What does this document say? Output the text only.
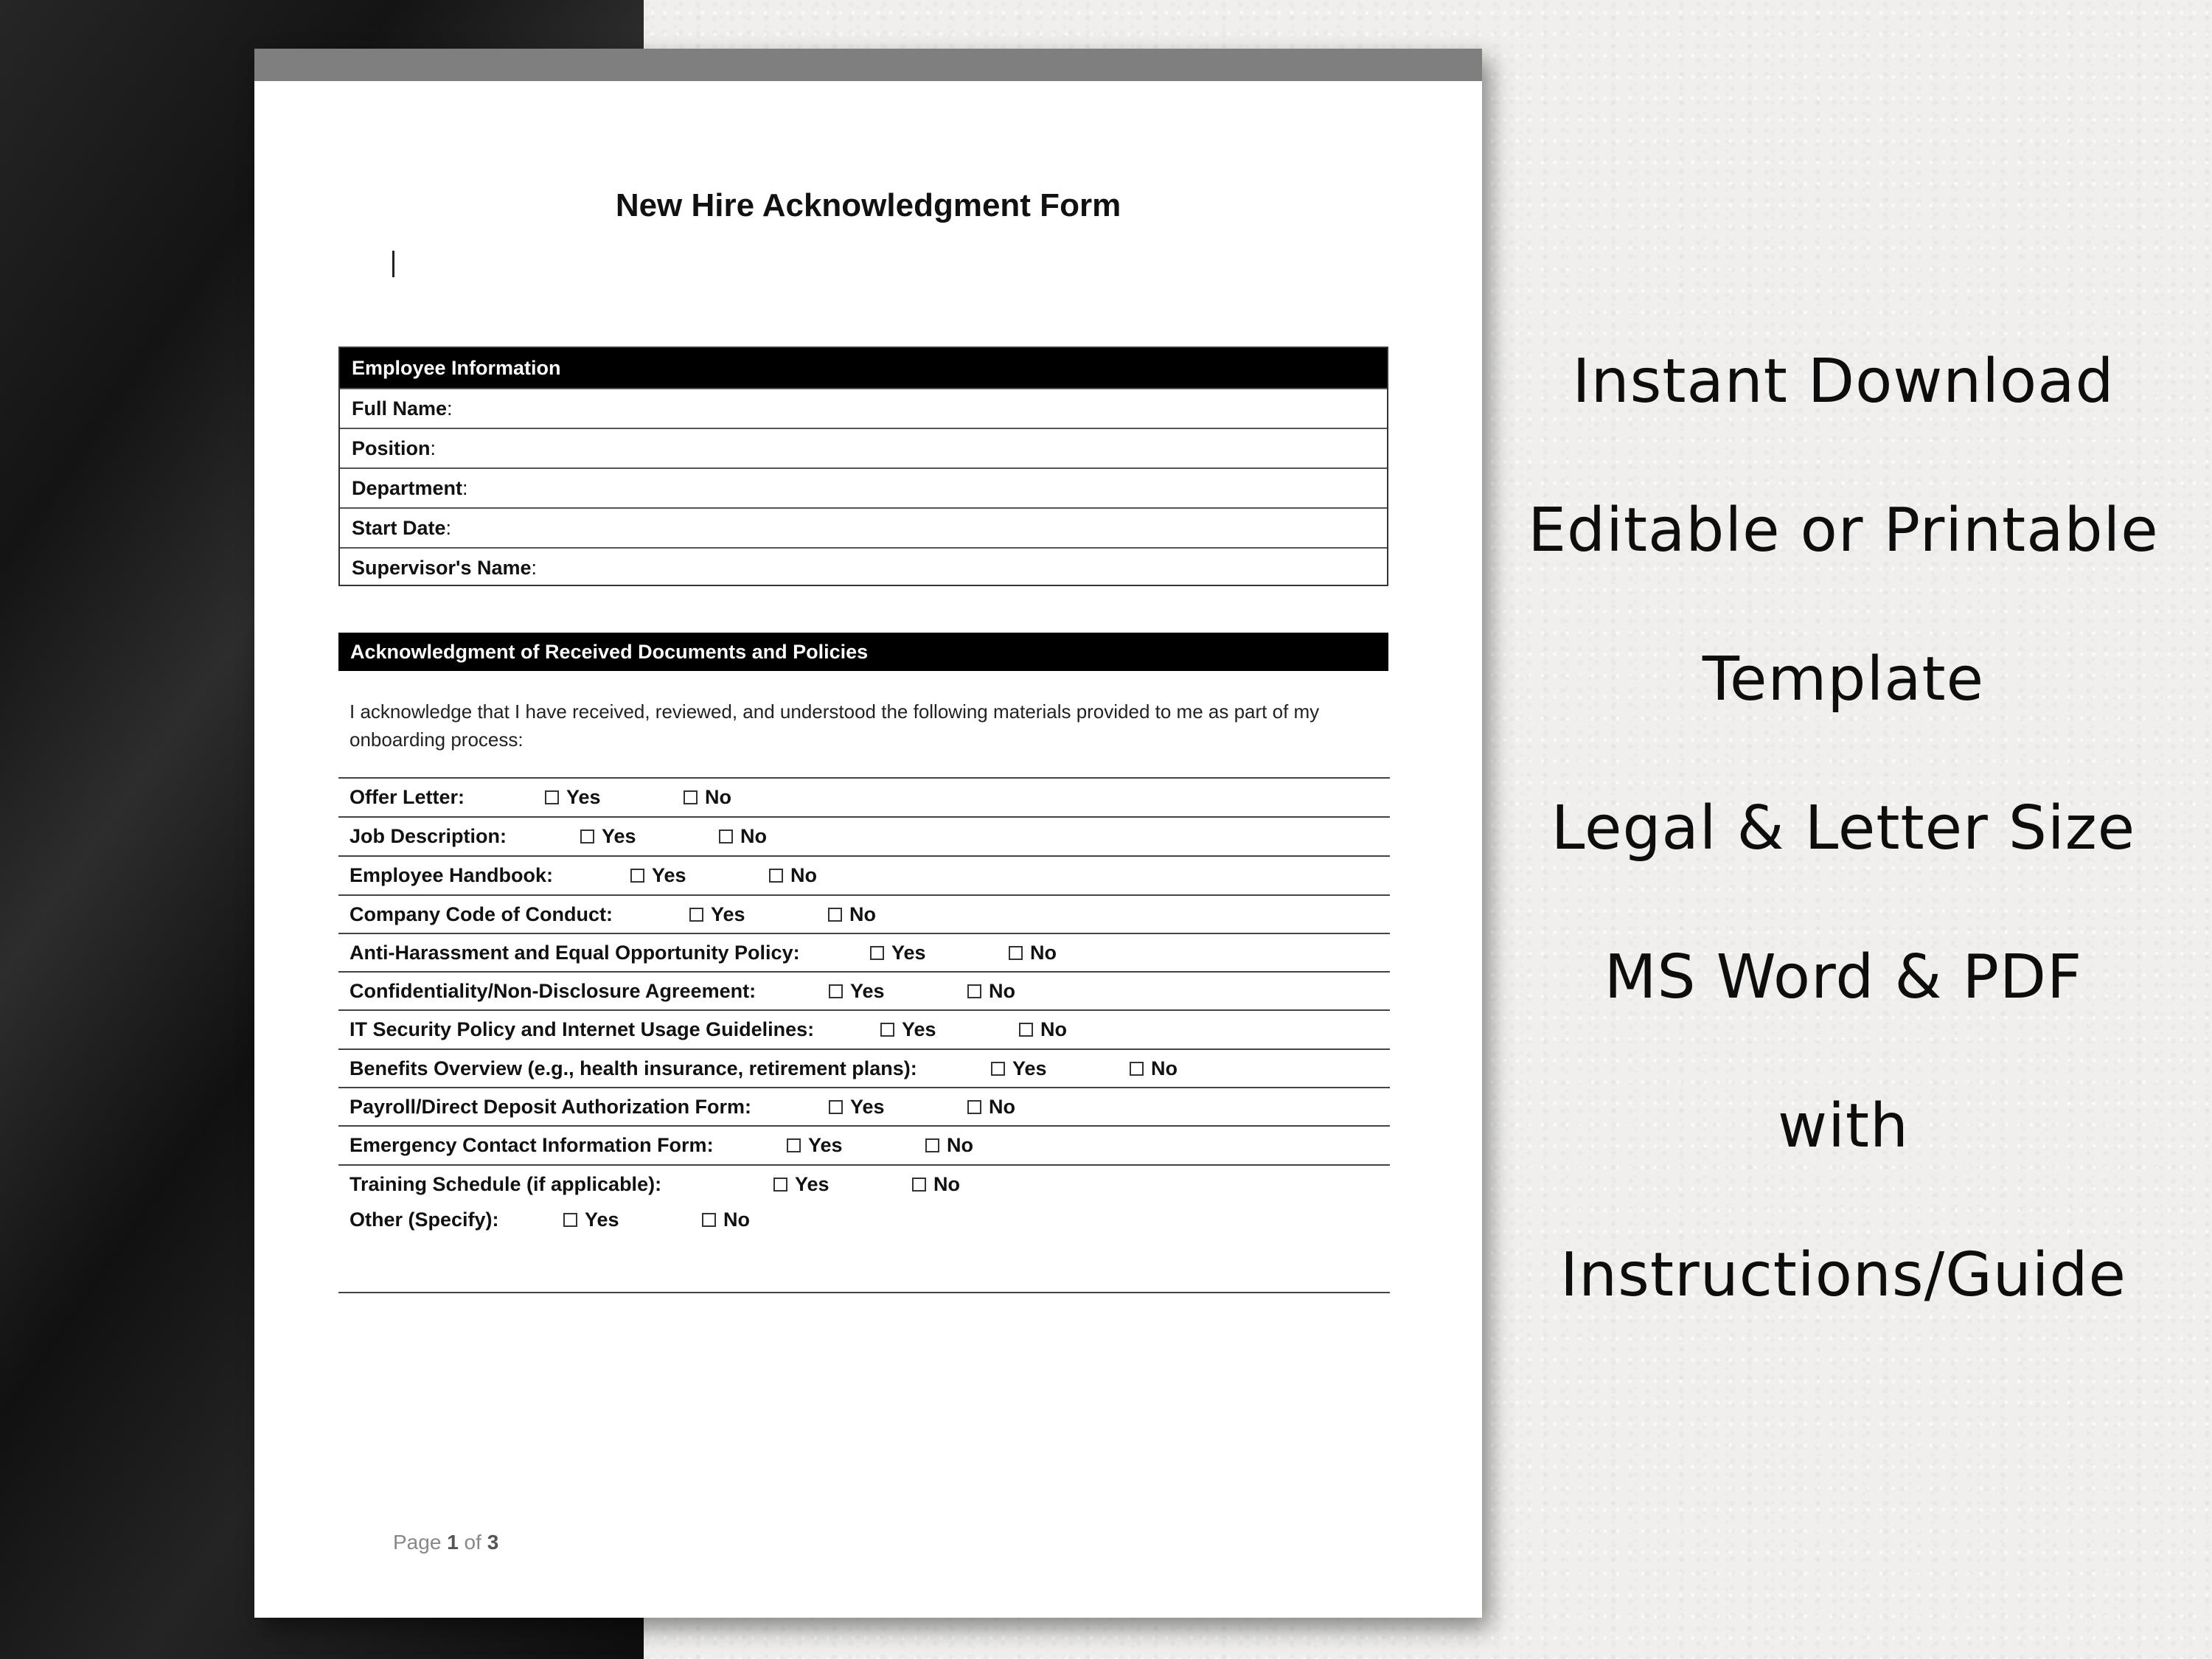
New Hire Acknowledgment Form
Employee Information
Full Name:
Position:
Department:
Start Date:
Supervisor's Name:
Acknowledgment of Received Documents and Policies
I acknowledge that I have received, reviewed, and understood the following materials provided to me as part of my onboarding process:
Offer Letter:	Yes	No
Job Description:	Yes	No
Employee Handbook:	Yes	No
Company Code of Conduct:	Yes	No
Anti-Harassment and Equal Opportunity Policy:	Yes	No
Confidentiality/Non-Disclosure Agreement:	Yes	No
IT Security Policy and Internet Usage Guidelines:	Yes	No
Benefits Overview (e.g., health insurance, retirement plans):	Yes	No
Payroll/Direct Deposit Authorization Form:	Yes	No
Emergency Contact Information Form:	Yes	No
Training Schedule (if applicable):	Yes	No
Other (Specify):	Yes	No
Page 1 of 3
Instant Download
Editable or Printable
Template
Legal & Letter Size
MS Word & PDF
with
Instructions/Guide
